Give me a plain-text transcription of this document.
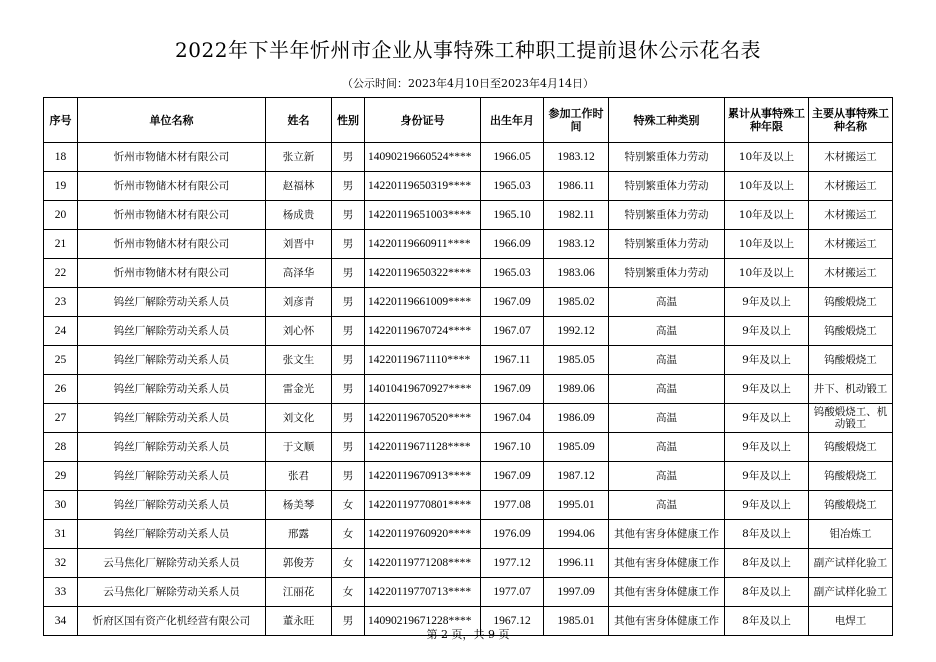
2022年下半年忻州市企业从事特殊工种职工提前退休公示花名表
（公示时间：2023年4月10日至2023年4月14日）
序号	单位名称	姓名	性别	身份证号	出生年月	参加工作时间	特殊工种类别	累计从事特殊工种年限	主要从事特殊工种名称
18	忻州市物储木材有限公司	张立新	男	14090219660524****	1966.05	1983.12	特别繁重体力劳动	10年及以上	木材搬运工
19	忻州市物储木材有限公司	赵福林	男	14220119650319****	1965.03	1986.11	特别繁重体力劳动	10年及以上	木材搬运工
20	忻州市物储木材有限公司	杨成贵	男	14220119651003****	1965.10	1982.11	特别繁重体力劳动	10年及以上	木材搬运工
21	忻州市物储木材有限公司	刘晋中	男	14220119660911****	1966.09	1983.12	特别繁重体力劳动	10年及以上	木材搬运工
22	忻州市物储木材有限公司	高泽华	男	14220119650322****	1965.03	1983.06	特别繁重体力劳动	10年及以上	木材搬运工
23	钨丝厂解除劳动关系人员	刘彦青	男	14220119661009****	1967.09	1985.02	高温	9年及以上	钨酸煅烧工
24	钨丝厂解除劳动关系人员	刘心怀	男	14220119670724****	1967.07	1992.12	高温	9年及以上	钨酸煅烧工
25	钨丝厂解除劳动关系人员	张文生	男	14220119671110****	1967.11	1985.05	高温	9年及以上	钨酸煅烧工
26	钨丝厂解除劳动关系人员	雷金光	男	14010419670927****	1967.09	1989.06	高温	9年及以上	井下、机动锻工
27	钨丝厂解除劳动关系人员	刘文化	男	14220119670520****	1967.04	1986.09	高温	9年及以上	钨酸煅烧工、机动锻工
28	钨丝厂解除劳动关系人员	于文顺	男	14220119671128****	1967.10	1985.09	高温	9年及以上	钨酸煅烧工
29	钨丝厂解除劳动关系人员	张君	男	14220119670913****	1967.09	1987.12	高温	9年及以上	钨酸煅烧工
30	钨丝厂解除劳动关系人员	杨美琴	女	14220119770801****	1977.08	1995.01	高温	9年及以上	钨酸煅烧工
31	钨丝厂解除劳动关系人员	邢露	女	14220119760920****	1976.09	1994.06	其他有害身体健康工作	8年及以上	钼冶炼工
32	云马焦化厂解除劳动关系人员	郭俊芳	女	14220119771208****	1977.12	1996.11	其他有害身体健康工作	8年及以上	副产试样化验工
33	云马焦化厂解除劳动关系人员	江丽花	女	14220119770713****	1977.07	1997.09	其他有害身体健康工作	8年及以上	副产试样化验工
34	忻府区国有资产化机经营有限公司	董永旺	男	14090219671228****	1967.12	1985.01	其他有害身体健康工作	8年及以上	电焊工
第 2 页，共 9 页
